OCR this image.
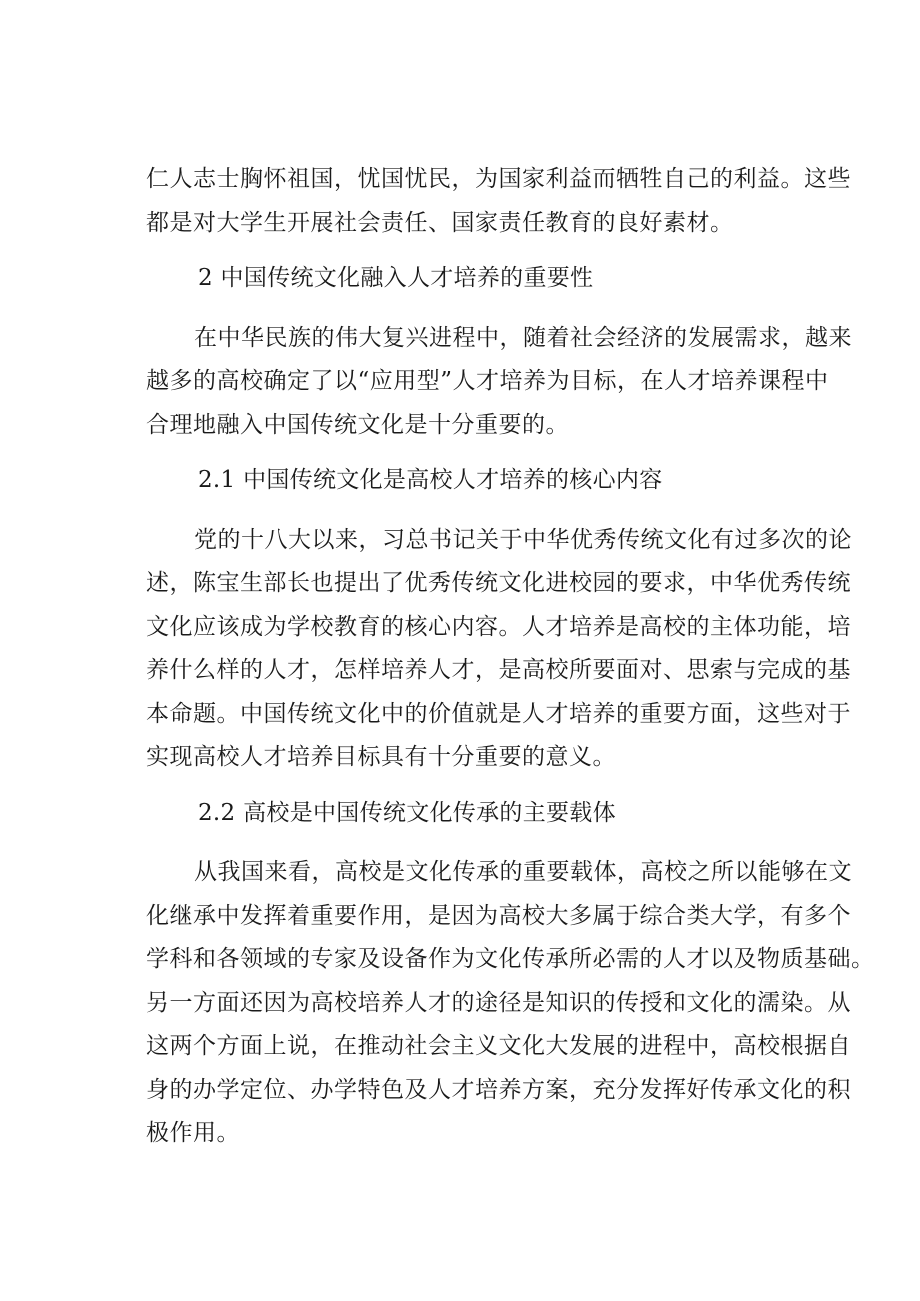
仁人志士胸怀祖国，忧国忧民，为国家利益而牺牲自己的利益。这些
都是对大学生开展社会责任、国家责任教育的良好素材。

2 中国传统文化融入人才培养的重要性

在中华民族的伟大复兴进程中，随着社会经济的发展需求，越来
越多的高校确定了以“应用型”人才培养为目标，在人才培养课程中
合理地融入中国传统文化是十分重要的。

2.1 中国传统文化是高校人才培养的核心内容

党的十八大以来，习总书记关于中华优秀传统文化有过多次的论
述，陈宝生部长也提出了优秀传统文化进校园的要求，中华优秀传统
文化应该成为学校教育的核心内容。人才培养是高校的主体功能，培
养什么样的人才，怎样培养人才，是高校所要面对、思索与完成的基
本命题。中国传统文化中的价值就是人才培养的重要方面，这些对于
实现高校人才培养目标具有十分重要的意义。

2.2 高校是中国传统文化传承的主要载体

从我国来看，高校是文化传承的重要载体，高校之所以能够在文
化继承中发挥着重要作用，是因为高校大多属于综合类大学，有多个
学科和各领域的专家及设备作为文化传承所必需的人才以及物质基础。
另一方面还因为高校培养人才的途径是知识的传授和文化的濡染。从
这两个方面上说，在推动社会主义文化大发展的进程中，高校根据自
身的办学定位、办学特色及人才培养方案，充分发挥好传承文化的积
极作用。
